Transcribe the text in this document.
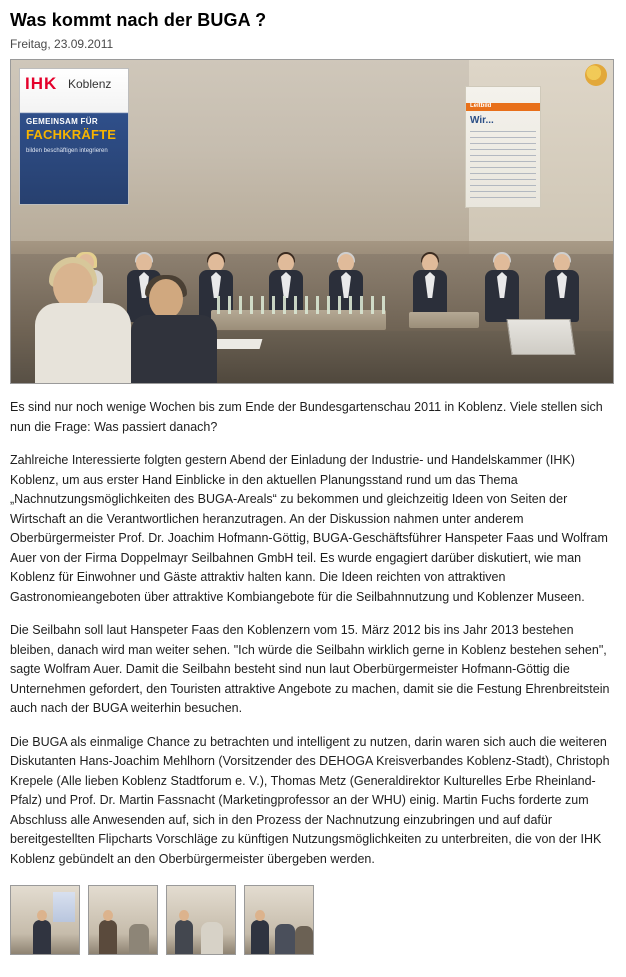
Was kommt nach der BUGA ?
Freitag, 23.09.2011
IHK Koblenz
GEMEINSAM FÜR
FACHKRÄFTE
bilden beschäftigen integrieren
Leitbild
Wir...

Es sind nur noch wenige Wochen bis zum Ende der Bundesgartenschau 2011 in Koblenz. Viele stellen sich nun die Frage: Was passiert danach?

Zahlreiche Interessierte folgten gestern Abend der Einladung der Industrie- und Handelskammer (IHK) Koblenz, um aus erster Hand Einblicke in den aktuellen Planungsstand rund um das Thema „Nachnutzungsmöglichkeiten des BUGA-Areals“ zu bekommen und gleichzeitig Ideen von Seiten der Wirtschaft an die Verantwortlichen heranzutragen. An der Diskussion nahmen unter anderem Oberbürgermeister Prof. Dr. Joachim Hofmann-Göttig, BUGA-Geschäftsführer Hanspeter Faas und Wolfram Auer von der Firma Doppelmayr Seilbahnen GmbH teil. Es wurde engagiert darüber diskutiert, wie man Koblenz für Einwohner und Gäste attraktiv halten kann. Die Ideen reichten von attraktiven Gastronomieangeboten über attraktive Kombiangebote für die Seilbahnnutzung und Koblenzer Museen.

Die Seilbahn soll laut Hanspeter Faas den Koblenzern vom 15. März 2012 bis ins Jahr 2013 bestehen bleiben, danach wird man weiter sehen. "Ich würde die Seilbahn wirklich gerne in Koblenz bestehen sehen", sagte Wolfram Auer. Damit die Seilbahn besteht sind nun laut Oberbürgermeister Hofmann-Göttig die Unternehmen gefordert, den Touristen attraktive Angebote zu machen, damit sie die Festung Ehrenbreitstein auch nach der BUGA weiterhin besuchen.

Die BUGA als einmalige Chance zu betrachten und intelligent zu nutzen, darin waren sich auch die weiteren Diskutanten Hans-Joachim Mehlhorn (Vorsitzender des DEHOGA Kreisverbandes Koblenz-Stadt), Christoph Krepele (Alle lieben Koblenz Stadtforum e. V.), Thomas Metz (Generaldirektor Kulturelles Erbe Rheinland-Pfalz) und Prof. Dr. Martin Fassnacht (Marketingprofessor an der WHU) einig. Martin Fuchs forderte zum Abschluss alle Anwesenden auf, sich in den Prozess der Nachnutzung einzubringen und auf dafür bereitgestellten Flipcharts Vorschläge zu künftigen Nutzungsmöglichkeiten zu unterbreiten, die von der IHK Koblenz gebündelt an den Oberbürgermeister übergeben werden.
